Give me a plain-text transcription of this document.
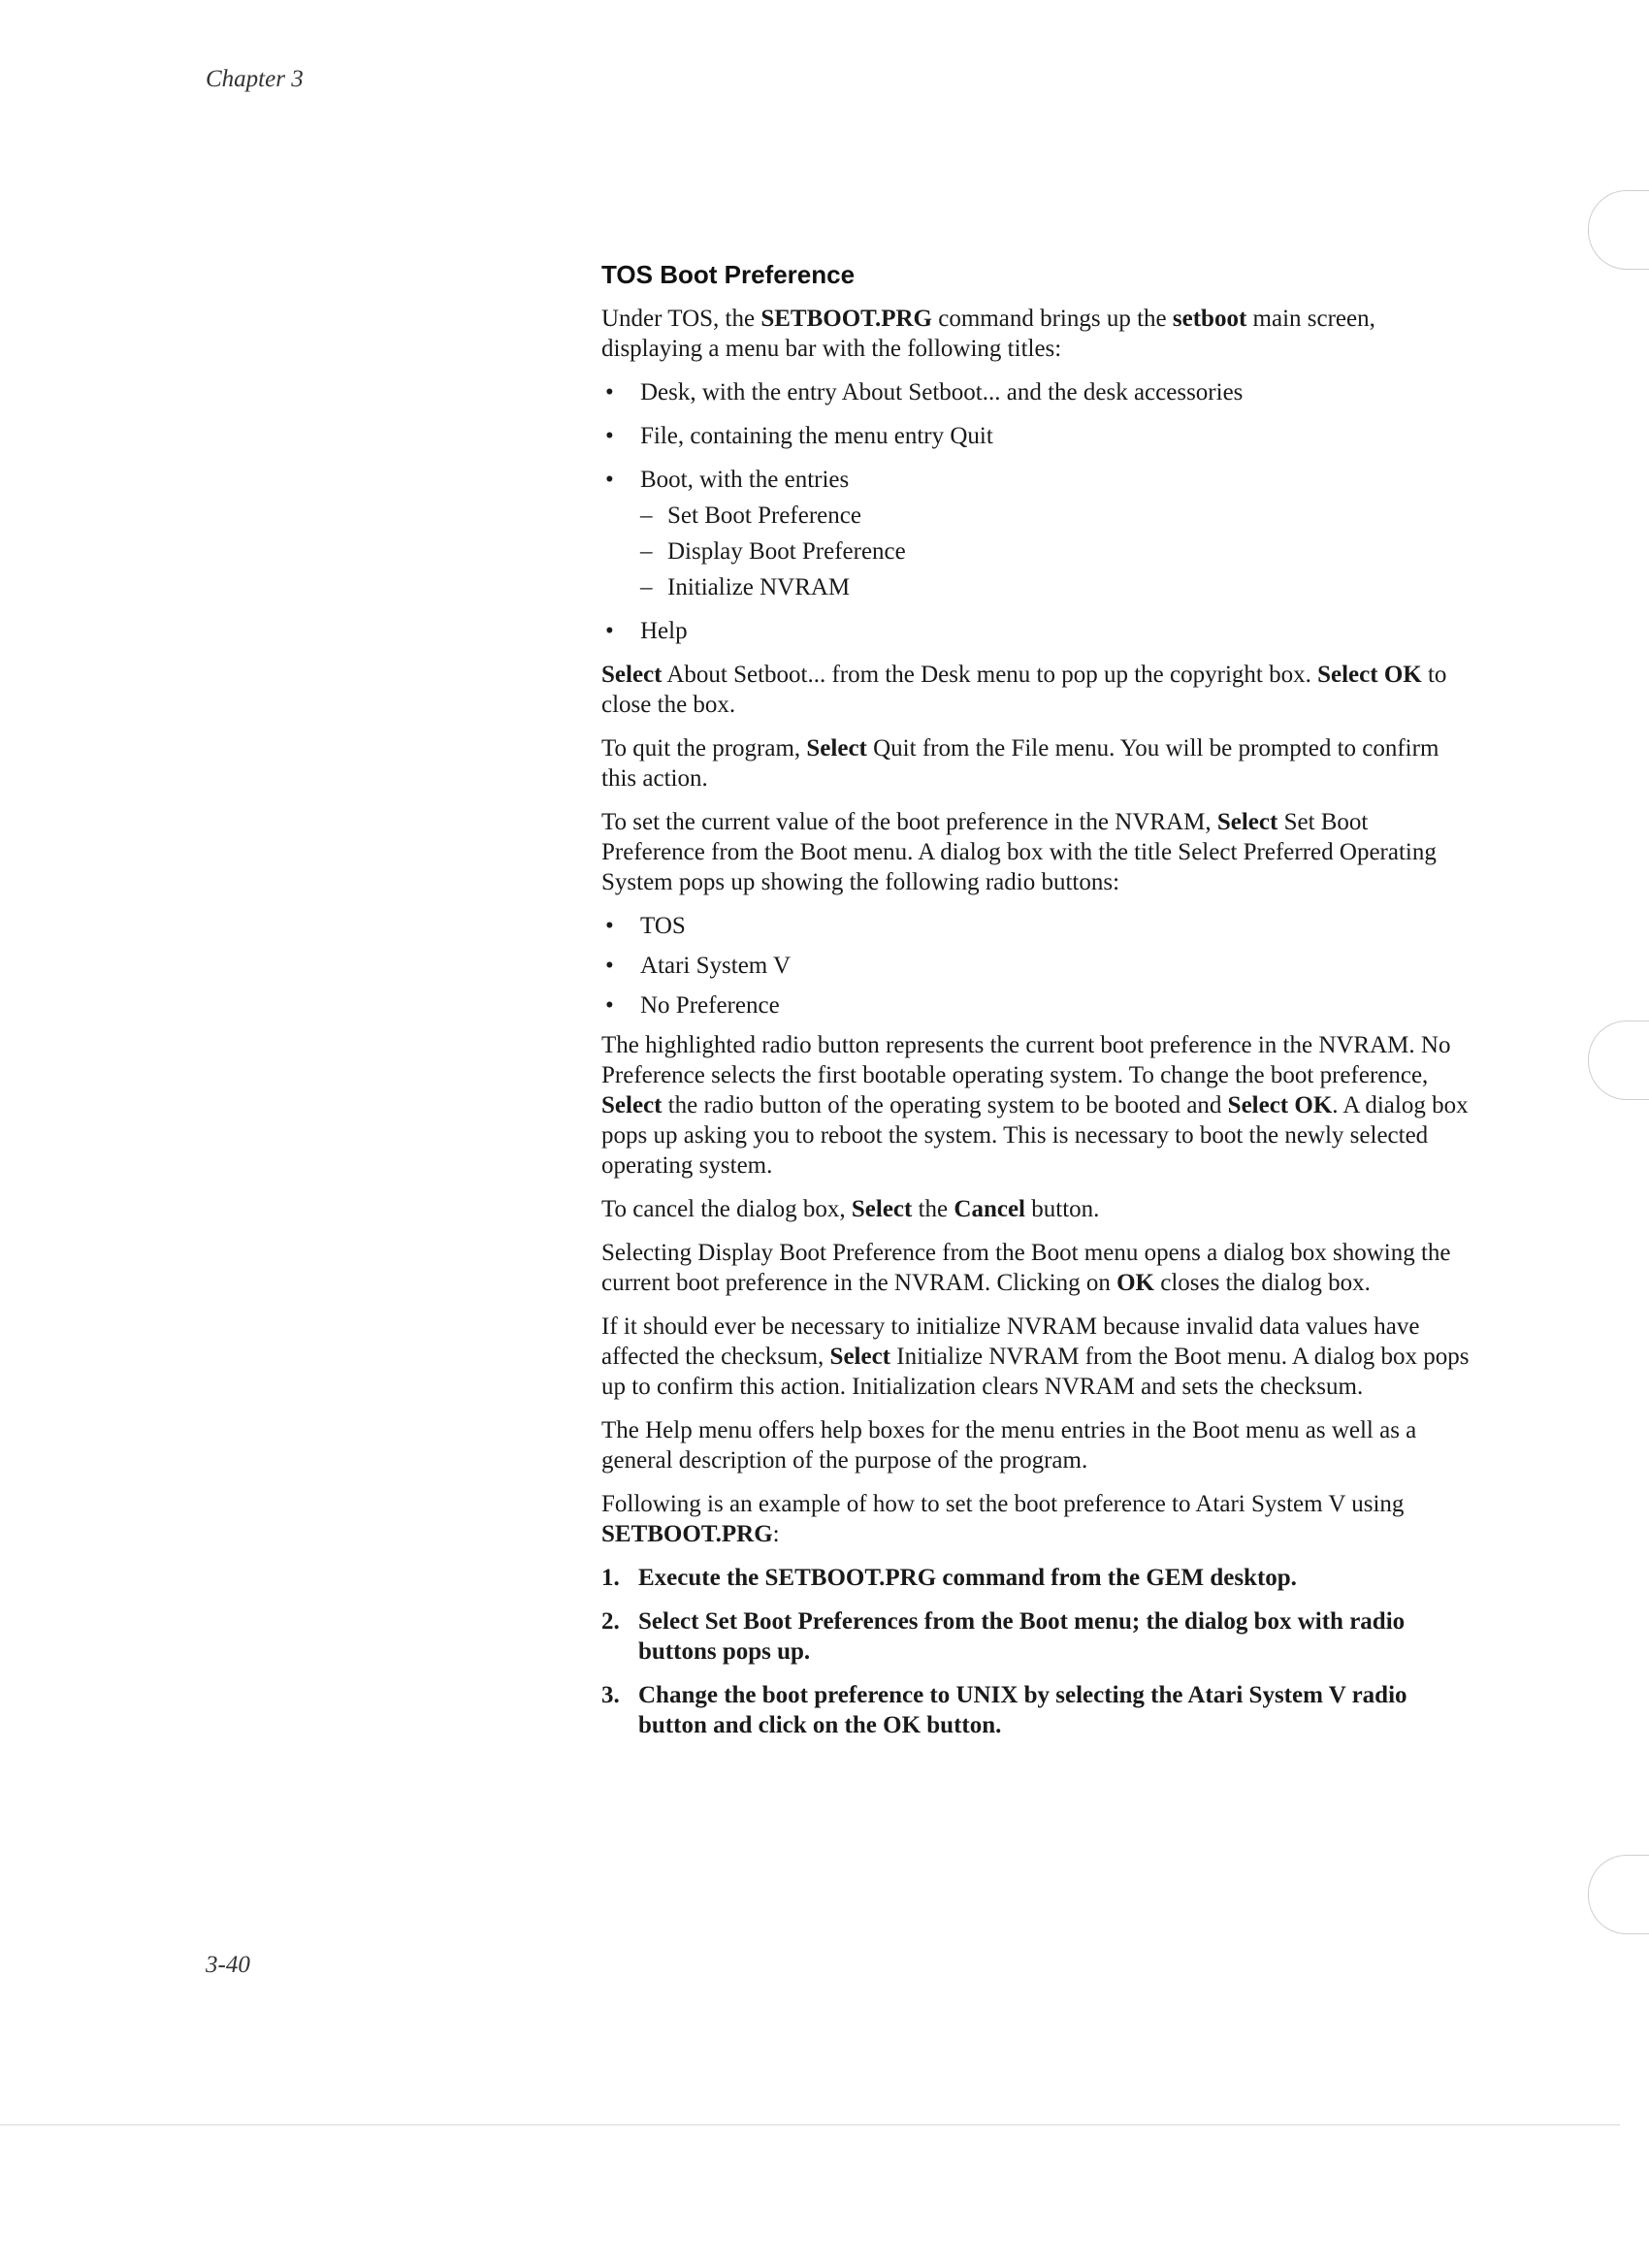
Chapter 3
TOS Boot Preference

Under TOS, the SETBOOT.PRG command brings up the setboot main screen, displaying a menu bar with the following titles:

• Desk, with the entry About Setboot... and the desk accessories
• File, containing the menu entry Quit
• Boot, with the entries
– Set Boot Preference
– Display Boot Preference
– Initialize NVRAM
• Help

Select About Setboot... from the Desk menu to pop up the copyright box. Select OK to close the box.

To quit the program, Select Quit from the File menu. You will be prompted to confirm this action.

To set the current value of the boot preference in the NVRAM, Select Set Boot Preference from the Boot menu. A dialog box with the title Select Preferred Operating System pops up showing the following radio buttons:

• TOS
• Atari System V
• No Preference

The highlighted radio button represents the current boot preference in the NVRAM. No Preference selects the first bootable operating system. To change the boot preference, Select the radio button of the operating system to be booted and Select OK. A dialog box pops up asking you to reboot the system. This is necessary to boot the newly selected operating system.

To cancel the dialog box, Select the Cancel button.

Selecting Display Boot Preference from the Boot menu opens a dialog box showing the current boot preference in the NVRAM. Clicking on OK closes the dialog box.

If it should ever be necessary to initialize NVRAM because invalid data values have affected the checksum, Select Initialize NVRAM from the Boot menu. A dialog box pops up to confirm this action. Initialization clears NVRAM and sets the checksum.

The Help menu offers help boxes for the menu entries in the Boot menu as well as a general description of the purpose of the program.

Following is an example of how to set the boot preference to Atari System V using SETBOOT.PRG:

1. Execute the SETBOOT.PRG command from the GEM desktop.
2. Select Set Boot Preferences from the Boot menu; the dialog box with radio buttons pops up.
3. Change the boot preference to UNIX by selecting the Atari System V radio button and click on the OK button.
3-40
